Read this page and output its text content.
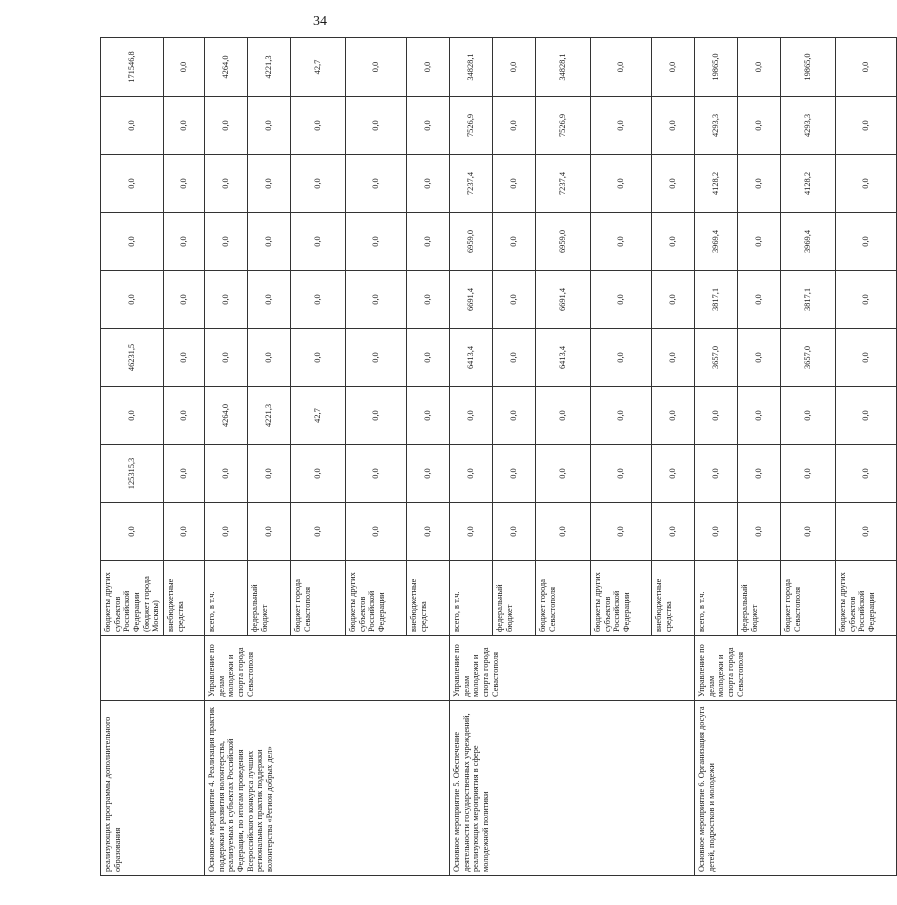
34
реализующих программы дополнительного образования		бюджеты других субъектов Российской Федерации (бюджет города Москвы)	0,0	125315,3	0,0	46231,5	0,0	0,0	0,0	0,0	171546,8
		внебюджетные средства	0,0	0,0	0,0	0,0	0,0	0,0	0,0	0,0	0,0
Основное мероприятие 4. Реализация практик поддержки и развития волонтерства, реализуемых в субъектах Российской Федерации, по итогам проведения Всероссийского конкурса лучших региональных практик поддержки волонтерства «Регион добрых дел»	Управление по делам молодежи и спорта города Севастополя	всего, в т.ч.	0,0	0,0	4264,0	0,0	0,0	0,0	0,0	0,0	4264,0
		федеральный бюджет	0,0	0,0	4221,3	0,0	0,0	0,0	0,0	0,0	4221,3
		бюджет города Севастополя	0,0	0,0	42,7	0,0	0,0	0,0	0,0	0,0	42,7
		бюджеты других субъектов Российской Федерации	0,0	0,0	0,0	0,0	0,0	0,0	0,0	0,0	0,0
		внебюджетные средства	0,0	0,0	0,0	0,0	0,0	0,0	0,0	0,0	0,0
Основное мероприятие 5. Обеспечение деятельности государственных учреждений, реализующих мероприятия в сфере молодежной политики	Управление по делам молодежи и спорта города Севастополя	всего, в т.ч.	0,0	0,0	0,0	6413,4	6691,4	6959,0	7237,4	7526,9	34828,1
		федеральный бюджет	0,0	0,0	0,0	0,0	0,0	0,0	0,0	0,0	0,0
		бюджет города Севастополя	0,0	0,0	0,0	6413,4	6691,4	6959,0	7237,4	7526,9	34828,1
		бюджеты других субъектов Российской Федерации	0,0	0,0	0,0	0,0	0,0	0,0	0,0	0,0	0,0
		внебюджетные средства	0,0	0,0	0,0	0,0	0,0	0,0	0,0	0,0	0,0
Основное мероприятие 6. Организация досуга детей, подростков и молодежи	Управление по делам молодежи и спорта города Севастополя	всего, в т.ч.	0,0	0,0	0,0	3657,0	3817,1	3969,4	4128,2	4293,3	19865,0
		федеральный бюджет	0,0	0,0	0,0	0,0	0,0	0,0	0,0	0,0	0,0
		бюджет города Севастополя	0,0	0,0	0,0	3657,0	3817,1	3969,4	4128,2	4293,3	19865,0
		бюджеты других субъектов Российской Федерации	0,0	0,0	0,0	0,0	0,0	0,0	0,0	0,0	0,0
